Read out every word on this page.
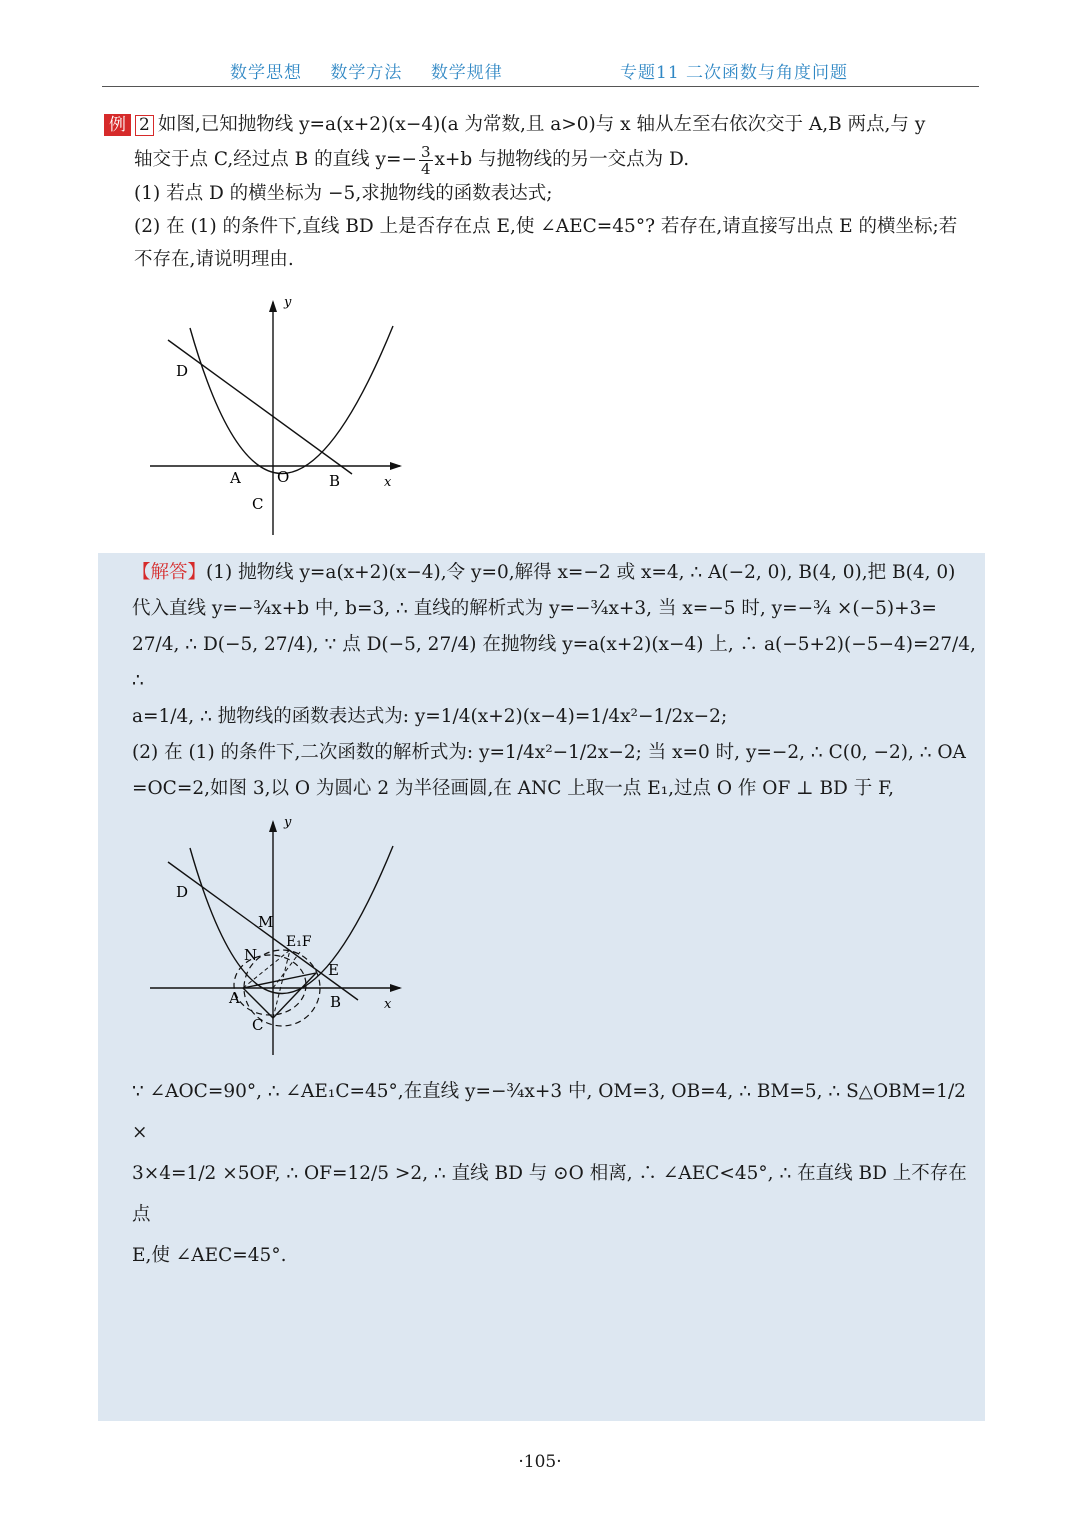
数学思想 数学方法 数学规律	专题11 二次函数与角度问题
例 2 如图,已知抛物线 y=a(x+2)(x−4)(a 为常数,且 a>0)与 x 轴从左至右依次交于 A,B 两点,与 y
轴交于点 C,经过点 B 的直线 $y=- \frac{3}{4} x+b$ 与抛物线的另一交点为 D.
(1) 若点 D 的横坐标为 −5,求抛物线的函数表达式;
(2) 在 (1) 的条件下,直线 BD 上是否存在点 E,使 ∠AEC=45°? 若存在,请直接写出点 E 的横坐标;若
不存在,请说明理由.
y
x
D
A O	B
C
【解答】(1) 抛物线 y=a(x+2)(x−4),令 y=0,解得 x=−2 或 x=4, ∴ A(−2, 0), B(4, 0),把 B(4, 0)
代入直线 y=−¾x+b 中, b=3, ∴ 直线的解析式为 y=−¾x+3, 当 x=−5 时, y=−¾ ×(−5)+3=
27/4, ∴ D(−5, 27/4), ∵ 点 D(−5, 27/4) 在抛物线 y=a(x+2)(x−4) 上, ∴ a(−5+2)(−5−4)=27/4, ∴
a=1/4, ∴ 抛物线的函数表达式为: y=1/4(x+2)(x−4)=1/4x²−1/2x−2;
(2) 在 (1) 的条件下,二次函数的解析式为: y=1/4x²−1/2x−2; 当 x=0 时, y=−2, ∴ C(0, −2), ∴ OA
=OC=2,如图 3,以 O 为圆心 2 为半径画圆,在 ANC 上取一点 E₁,过点 O 作 OF ⊥ BD 于 F,
∵ ∠AOC=90°, ∴ ∠AE₁C=45°,在直线 y=−¾x+3 中, OM=3, OB=4, ∴ BM=5, ∴ S△OBM=1/2 ×
3×4=1/2 ×5OF, ∴ OF=12/5 >2, ∴ 直线 BD 与 ⊙O 相离, ∴ ∠AEC<45°, ∴ 在直线 BD 上不存在点
E,使 ∠AEC=45°.
y
x
D
M
N
E₁F
E
A	B
C
·105·
